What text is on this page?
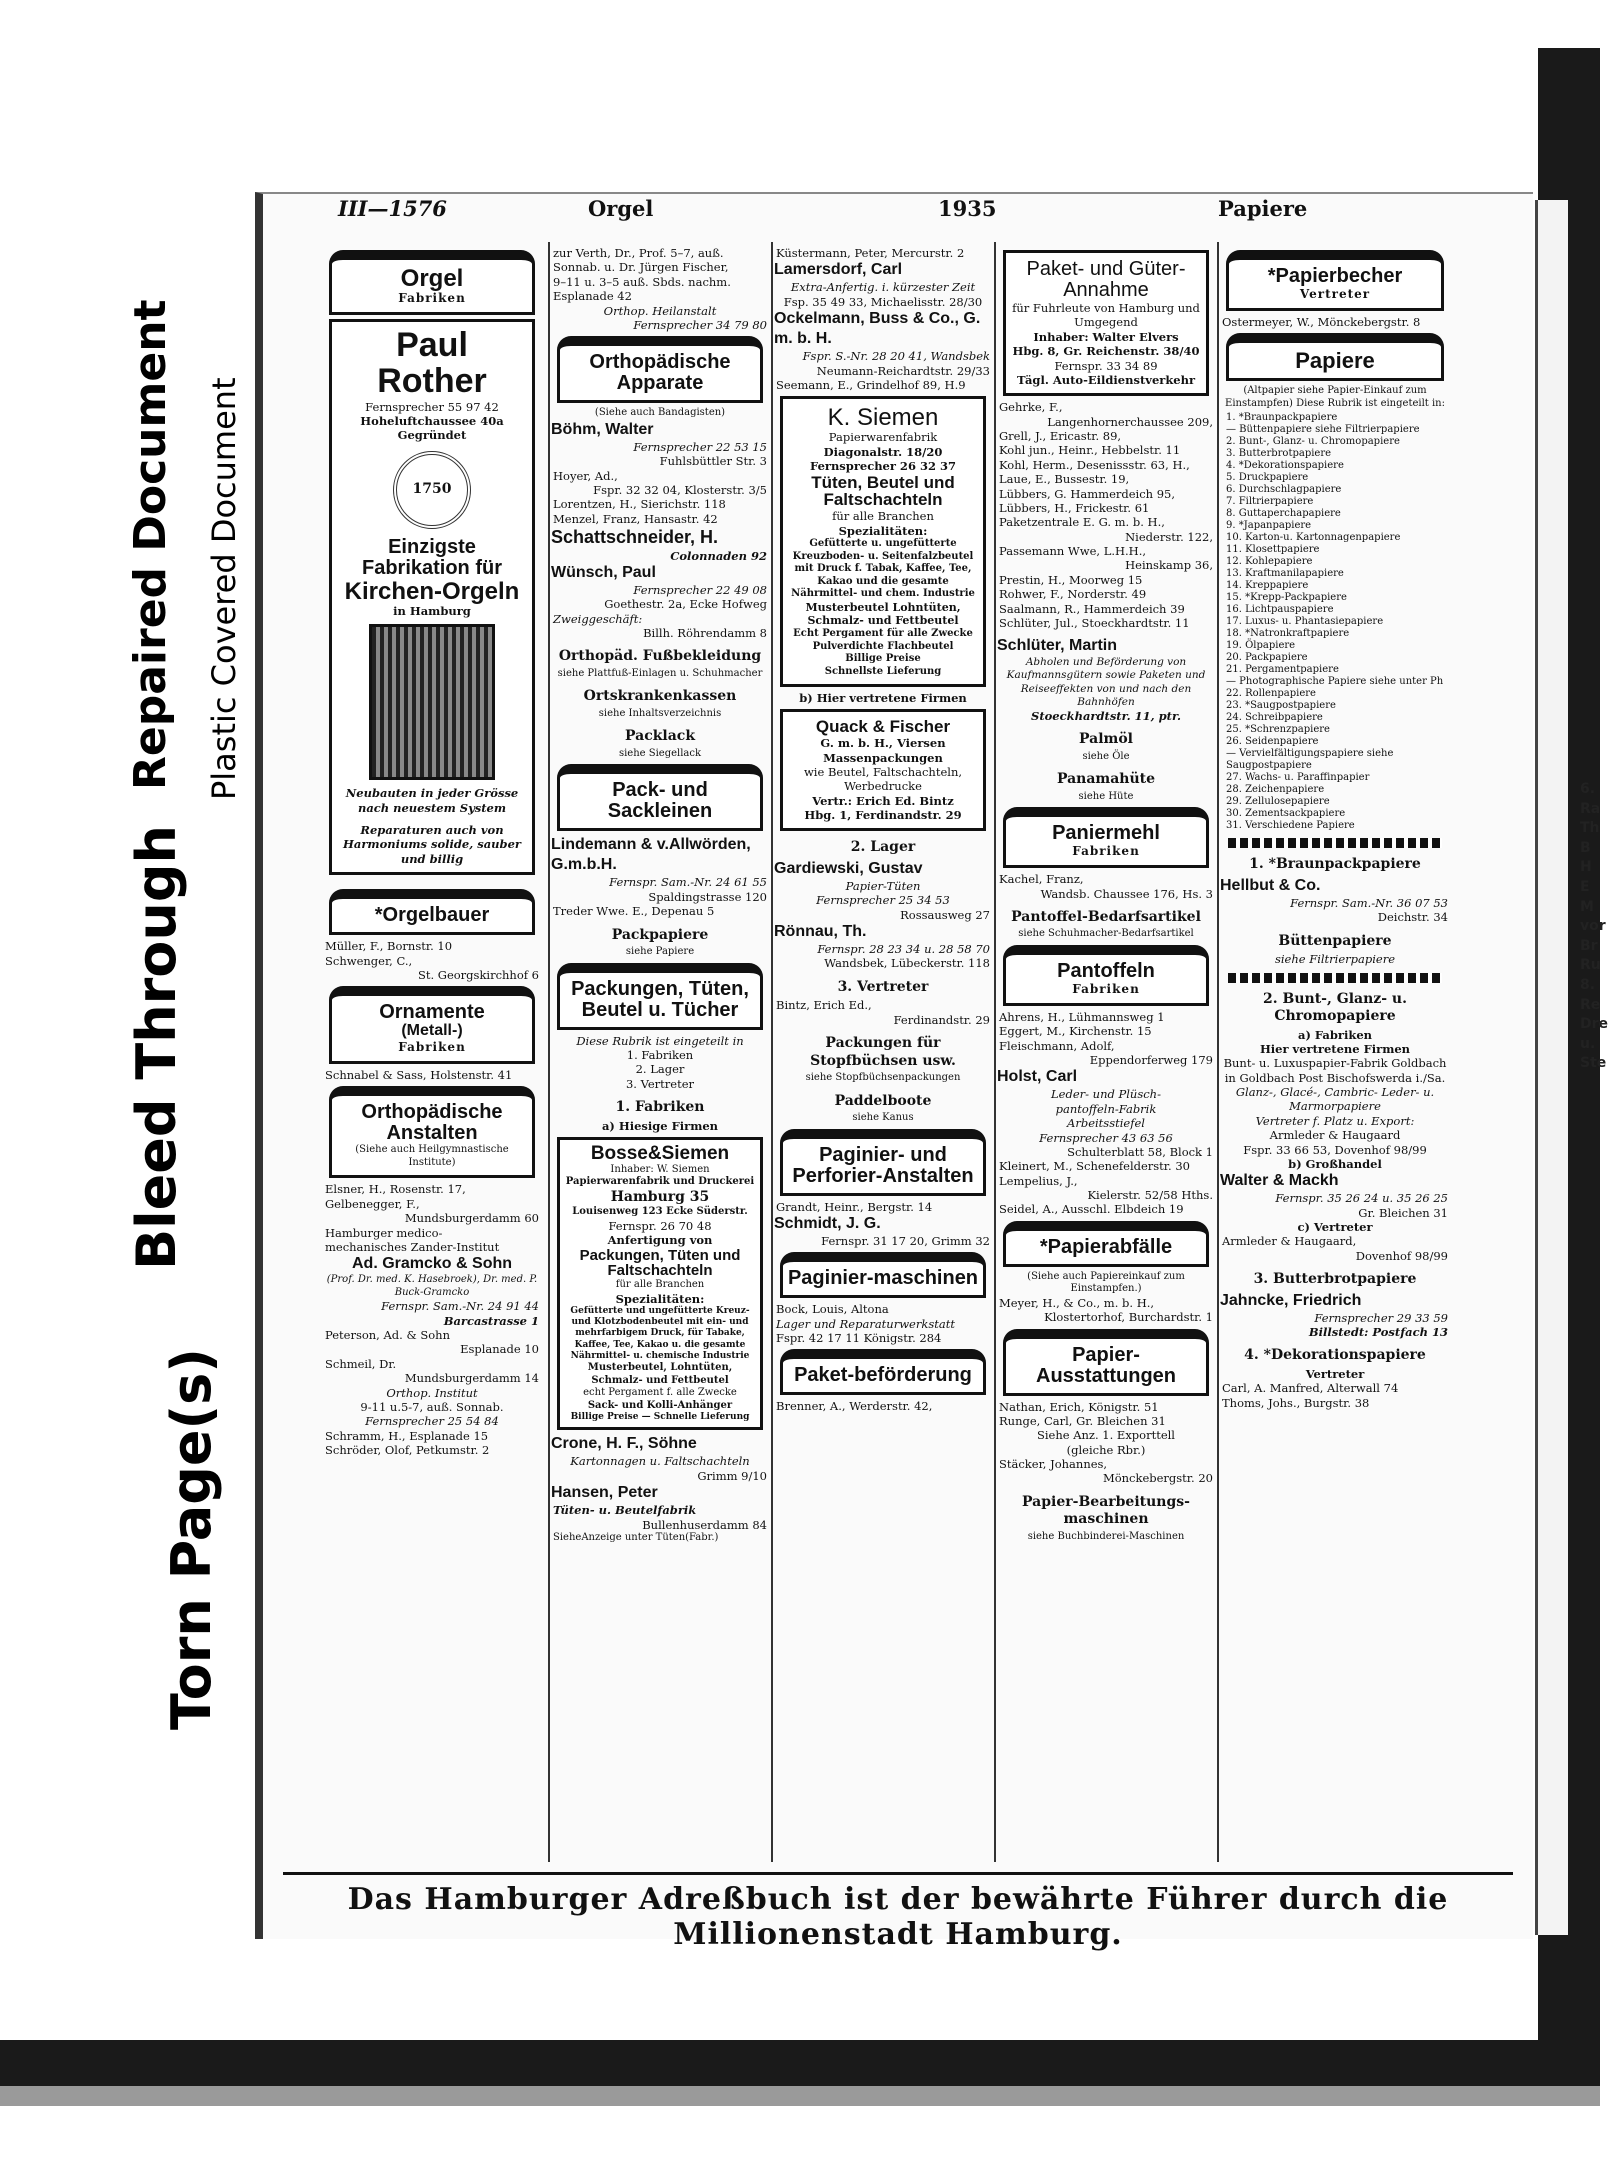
Bleed Through
Repaired Document Plastic Covered Document
Torn Page(s)
6.
Ra
Th
B
H
E
M
vor
Br
Ru
8.
Re
Dre
u.
Ste
III—1576	Orgel	1935	Papiere
Orgel
Fabriken
Paul Rother
Fernsprecher 55 97 42
Hoheluftchaussee 40a
Gegründet
1750
Einzigste
Fabrikation für
Kirchen-Orgeln
in Hamburg
Neubauten in jeder Grösse nach neuestem System
Reparaturen auch von Harmoniums solide, sauber und billig
*Orgelbauer
Müller, F., Bornstr. 10
Schwenger, C.,
St. Georgskirchhof 6
Ornamente
(Metall-)
Fabriken
Schnabel & Sass, Holstenstr. 41
Orthopädische Anstalten
(Siehe auch Heilgymnastische Institute)
Elsner, H., Rosenstr. 17,
Gelbenegger, F.,
Mundsburgerdamm 60
Hamburger medico-
mechanisches Zander-Institut
Ad. Gramcko & Sohn
(Prof. Dr. med. K. Hasebroek), Dr. med. P. Buck-Gramcko
Fernspr. Sam.-Nr. 24 91 44
Barcastrasse 1
Peterson, Ad. & Sohn
Esplanade 10
Schmeil, Dr.
Mundsburgerdamm 14
Orthop. Institut
9-11 u.5-7, auß. Sonnab.
Fernsprecher 25 54 84
Schramm, H., Esplanade 15
Schröder, Olof, Petkumstr. 2
zur Verth, Dr., Prof. 5–7, auß.
Sonnab. u. Dr. Jürgen Fischer,
9–11 u. 3–5 auß. Sbds. nachm.
Esplanade 42
Orthop. Heilanstalt
Fernsprecher 34 79 80
Orthopädische Apparate
(Siehe auch Bandagisten)
Böhm, Walter
Fernsprecher 22 53 15
Fuhlsbüttler Str. 3
Hoyer, Ad.,
Fspr. 32 32 04, Klosterstr. 3/5
Lorentzen, H., Sierichstr. 118
Menzel, Franz, Hansastr. 42
Schattschneider, H.
Colonnaden 92
Wünsch, Paul
Fernsprecher 22 49 08
Goethestr. 2a, Ecke Hofweg
Zweiggeschäft:
Billh. Röhrendamm 8
Orthopäd. Fußbekleidung
siehe Plattfuß-Einlagen u. Schuhmacher
Ortskrankenkassen
siehe Inhaltsverzeichnis
Packlack
siehe Siegellack
Pack- und Sackleinen
Lindemann & v.Allwörden, G.m.b.H.
Fernspr. Sam.-Nr. 24 61 55
Spaldingstrasse 120
Treder Wwe. E., Depenau 5
Packpapiere
siehe Papiere
Packungen, Tüten, Beutel u. Tücher
Diese Rubrik ist eingeteilt in
1. Fabriken
2. Lager
3. Vertreter
1. Fabriken
a) Hiesige Firmen
Bosse&Siemen
Inhaber: W. Siemen
Papierwarenfabrik und Druckerei
Hamburg 35
Louisenweg 123 Ecke Süderstr.
Fernspr. 26 70 48
Anfertigung von
Packungen, Tüten und Faltschachteln
für alle Branchen
Spezialitäten:
Gefütterte und ungefütterte Kreuz- und Klotzbodenbeutel mit ein- und mehrfarbigem Druck, für Tabake, Kaffee, Tee, Kakao u. die gesamte Nährmittel- u. chemische Industrie
Musterbeutel, Lohntüten, Schmalz- und Fettbeutel
echt Pergament f. alle Zwecke
Sack- und Kolli-Anhänger
Billige Preise — Schnelle Lieferung
Crone, H. F., Söhne
Kartonnagen u. Faltschachteln
Grimm 9/10
Hansen, Peter
Tüten- u. Beutelfabrik
Bullenhuserdamm 84
SieheAnzeige unter Tüten(Fabr.)
Küstermann, Peter, Mercurstr. 2
Lamersdorf, Carl
Extra-Anfertig. i. kürzester Zeit
Fsp. 35 49 33, Michaelisstr. 28/30
Ockelmann, Buss & Co., G. m. b. H.
Fspr. S.-Nr. 28 20 41, Wandsbek
Neumann-Reichardtstr. 29/33
Seemann, E., Grindelhof 89, H.9
K. Siemen
Papierwarenfabrik
Diagonalstr. 18/20
Fernsprecher 26 32 37
Tüten, Beutel und Faltschachteln
für alle Branchen
Spezialitäten:
Gefütterte u. ungefütterte Kreuzboden- u. Seitenfalzbeutel mit Druck f. Tabak, Kaffee, Tee, Kakao und die gesamte Nährmittel- und chem. Industrie
Musterbeutel Lohntüten, Schmalz- und Fettbeutel
Echt Pergament für alle Zwecke
Pulverdichte Flachbeutel
Billige Preise
Schnellste Lieferung
b) Hier vertretene Firmen
Quack & Fischer
G. m. b. H., Viersen
Massenpackungen
wie Beutel, Faltschachteln, Werbedrucke
Vertr.: Erich Ed. Bintz
Hbg. 1, Ferdinandstr. 29
2. Lager
Gardiewski, Gustav
Papier-Tüten
Fernsprecher 25 34 53
Rossausweg 27
Rönnau, Th.
Fernspr. 28 23 34 u. 28 58 70
Wandsbek, Lübeckerstr. 118
3. Vertreter
Bintz, Erich Ed.,
Ferdinandstr. 29
Packungen für Stopfbüchsen usw.
siehe Stopfbüchsenpackungen
Paddelboote
siehe Kanus
Paginier- und Perforier-Anstalten
Grandt, Heinr., Bergstr. 14
Schmidt, J. G.
Fernspr. 31 17 20, Grimm 32
Paginier-maschinen
Bock, Louis, Altona
Lager und Reparaturwerkstatt
Fspr. 42 17 11 Königstr. 284
Paket-beförderung
Brenner, A., Werderstr. 42,
Paket- und Güter-Annahme
für Fuhrleute von Hamburg und Umgegend
Inhaber: Walter Elvers
Hbg. 8, Gr. Reichenstr. 38/40
Fernspr. 33 34 89
Tägl. Auto-Eildienstverkehr
Gehrke, F.,
Langenhornerchaussee 209,
Grell, J., Ericastr. 89,
Kohl jun., Heinr., Hebbelstr. 11
Kohl, Herm., Desenissstr. 63, H.,
Laue, E., Bussestr. 19,
Lübbers, G. Hammerdeich 95,
Lübbers, H., Frickestr. 61
Paketzentrale E. G. m. b. H.,
Niederstr. 122,
Passemann Wwe, L.H.H.,
Heinskamp 36,
Prestin, H., Moorweg 15
Rohwer, F., Norderstr. 49
Saalmann, R., Hammerdeich 39
Schlüter, Jul., Stoeckhardtstr. 11
Schlüter, Martin
Abholen und Beförderung von Kaufmannsgütern sowie Paketen und Reiseeffekten von und nach den Bahnhöfen
Stoeckhardtstr. 11, ptr.
Palmöl
siehe Öle
Panamahüte
siehe Hüte
Paniermehl
Fabriken
Kachel, Franz,
Wandsb. Chaussee 176, Hs. 3
Pantoffel-Bedarfsartikel
siehe Schuhmacher-Bedarfsartikel
Pantoffeln
Fabriken
Ahrens, H., Lühmannsweg 1
Eggert, M., Kirchenstr. 15
Fleischmann, Adolf,
Eppendorferweg 179
Holst, Carl
Leder- und Plüsch-
pantoffeln-Fabrik
Arbeitsstiefel
Fernsprecher 43 63 56
Schulterblatt 58, Block 1
Kleinert, M., Schenefelderstr. 30
Lempelius, J.,
Kielerstr. 52/58 Hths.
Seidel, A., Ausschl. Elbdeich 19
*Papierabfälle
(Siehe auch Papiereinkauf zum Einstampfen.)
Meyer, H., & Co., m. b. H.,
Klostertorhof, Burchardstr. 1
Papier-Ausstattungen
Nathan, Erich, Königstr. 51
Runge, Carl, Gr. Bleichen 31
Siehe Anz. 1. Exporttell
(gleiche Rbr.)
Stäcker, Johannes,
Mönckebergstr. 20
Papier-Bearbeitungs-maschinen
siehe Buchbinderei-Maschinen
*Papierbecher
Vertreter
Ostermeyer, W., Mönckebergstr. 8
Papiere
(Altpapier siehe Papier-Einkauf zum Einstampfen) Diese Rubrik ist eingeteilt in:
1. *Braunpackpapiere
— Büttenpapiere siehe Filtrierpapiere
2. Bunt-, Glanz- u. Chromopapiere
3. Butterbrotpapiere
4. *Dekorationspapiere
5. Druckpapiere
6. Durchschlagpapiere
7. Filtrierpapiere
8. Guttaperchapapiere
9. *Japanpapiere
10. Karton-u. Kartonnagenpapiere
11. Klosettpapiere
12. Kohlepapiere
13. Kraftmanilapapiere
14. Kreppapiere
15. *Krepp-Packpapiere
16. Lichtpauspapiere
17. Luxus- u. Phantasiepapiere
18. *Natronkraftpapiere
19. Ölpapiere
20. Packpapiere
21. Pergamentpapiere
— Photographische Papiere siehe unter Ph
22. Rollenpapiere
23. *Saugpostpapiere
24. Schreibpapiere
25. *Schrenzpapiere
26. Seidenpapiere
— Vervielfältigungspapiere siehe Saugpostpapiere
27. Wachs- u. Paraffinpapier
28. Zeichenpapiere
29. Zellulosepapiere
30. Zementsackpapiere
31. Verschiedene Papiere
1. *Braunpackpapiere
Hellbut & Co.
Fernspr. Sam.-Nr. 36 07 53
Deichstr. 34
Büttenpapiere
siehe Filtrierpapiere
2. Bunt-, Glanz- u. Chromopapiere
a) Fabriken
Hier vertretene Firmen
Bunt- u. Luxuspapier-Fabrik Goldbach in Goldbach Post Bischofswerda i./Sa.
Glanz-, Glacé-, Cambric- Leder- u. Marmorpapiere
Vertreter f. Platz u. Export:
Armleder & Haugaard
Fspr. 33 66 53, Dovenhof 98/99
b) Großhandel
Walter & Mackh
Fernspr. 35 26 24 u. 35 26 25
Gr. Bleichen 31
c) Vertreter
Armleder & Haugaard,
Dovenhof 98/99
3. Butterbrotpapiere
Jahncke, Friedrich
Fernsprecher 29 33 59
Billstedt: Postfach 13
4. *Dekorationspapiere
Vertreter
Carl, A. Manfred, Alterwall 74
Thoms, Johs., Burgstr. 38
Das Hamburger Adreßbuch ist der bewährte Führer durch die Millionenstadt Hamburg.
